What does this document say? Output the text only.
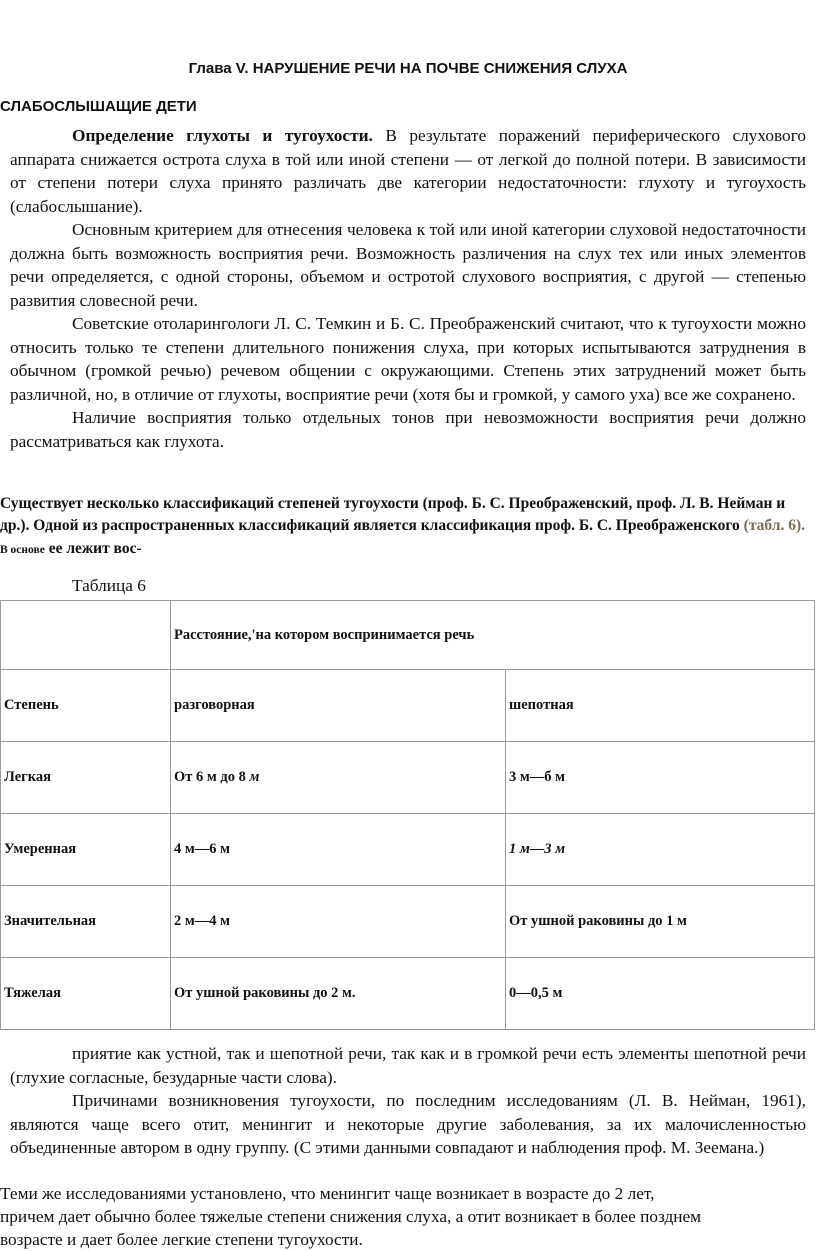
Глава V. НАРУШЕНИЕ РЕЧИ НА ПОЧВЕ СНИЖЕНИЯ СЛУХА
СЛАБОСЛЫШАЩИЕ ДЕТИ

Определение глухоты и тугоухости. В результате поражений периферического слухового аппарата снижается острота слуха в той или иной степени — от легкой до полной потери. В зависимости от степени потери слуха принято различать две категории недостаточности: глухоту и тугоухость (слабослышание).

Основным критерием для отнесения человека к той или иной категории слуховой недостаточности должна быть возможность восприятия речи. Возможность различения на слух тех или иных элементов речи определяется, с одной стороны, объемом и остротой слухового восприятия, с другой — степенью развития словесной речи.

Советские отоларингологи Л. С. Темкин и Б. С. Преображенский считают, что к тугоухости можно относить только те степени длительного понижения слуха, при которых испытываются затруднения в обычном (громкой речью) речевом общении с окружающими. Степень этих затруднений может быть различной, но, в отличие от глухоты, восприятие речи (хотя бы и громкой, у самого уха) все же сохранено.

Наличие восприятия только отдельных тонов при невозможности восприятия речи должно рассматриваться как глухота.

Существует несколько классификаций степеней тугоухости (проф. Б. С. Преображенский, проф. Л. В. Нейман и др.). Одной из распространенных классификаций является классификация проф. Б. С. Преображенского (табл. 6). В основе ее лежит вос-
Таблица 6
	Расстояние,'на котором воспринимается речь	
Степень	разговорная	шепотная
Легкая	От 6 м до 8 м	3 м—б м
Умеренная	4 м—6 м	1 м—3 м
Значительная	2 м—4 м	От ушной раковины до 1 м
Тяжелая	От ушной раковины до 2 м.	0—0,5 м

приятие как устной, так и шепотной речи, так как и в громкой речи есть элементы шепотной речи (глухие согласные, безударные части слова).

Причинами возникновения тугоухости, по последним исследованиям (Л. В. Нейман, 1961), являются чаще всего отит, менингит и некоторые другие заболевания, за их малочисленностью объединенные автором в одну группу. (С этими данными совпадают и наблюдения проф. М. Зеемана.)

Теми же исследованиями установлено, что менингит чаще возникает в возрасте до 2 лет,

причем дает обычно более тяжелые степени снижения слуха, а отит возникает в более позднем

возрасте и дает более легкие степени тугоухости.
